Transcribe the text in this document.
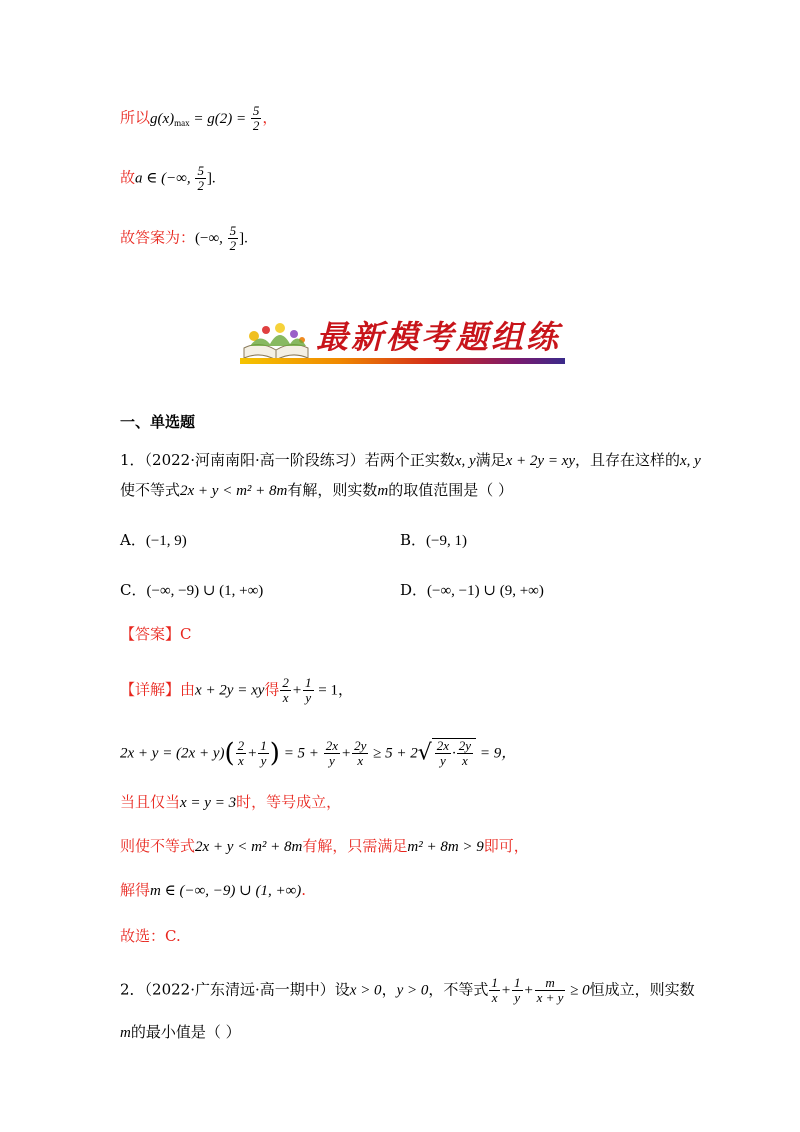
所以$g(x)_{max} = g(2) = \frac{5}{2}$ ，
故a ∈ (−∞, $\frac{5}{2}$ ].
故答案为：(−∞, $\frac{5}{2}$ ].
最新模考题组练
一、单选题
1．（2022·河南南阳·高一阶段练习）若两个正实数x, y满足x + 2y = xy，且存在这样的x, y
使不等式2x + y < m² + 8m有解，则实数m的取值范围是（ ）
A．(−1, 9)	B．(−9, 1)
C．(−∞, −9) ∪ (1, +∞)	D．(−∞, −1) ∪ (9, +∞)
【答案】C
【详解】由x + 2y = xy得 $\frac{2}{x} + \frac{1}{y} = 1$，
$2x + y = (2x + y)( \frac{2}{x} + \frac{1}{y}$ ) = $5 + \frac{2x}{y} + \frac{2y}{x} \ge 5 + 2√ \frac{2x}{y} \cdot \frac{2y}{x} = 9$，
当且仅当x = y = 3时，等号成立，
则使不等式2x + y < m² + 8m有解，只需满足m² + 8m > 9即可，
解得m ∈ (−∞, −9) ∪ (1, +∞).
故选：C.
2．（2022·广东清远·高一期中）设x > 0，y > 0，不等式 $\frac{1}{x} + \frac{1}{y} + \frac{m}{x + y} \ge 0$恒成立，则实数
m的最小值是（ ）
